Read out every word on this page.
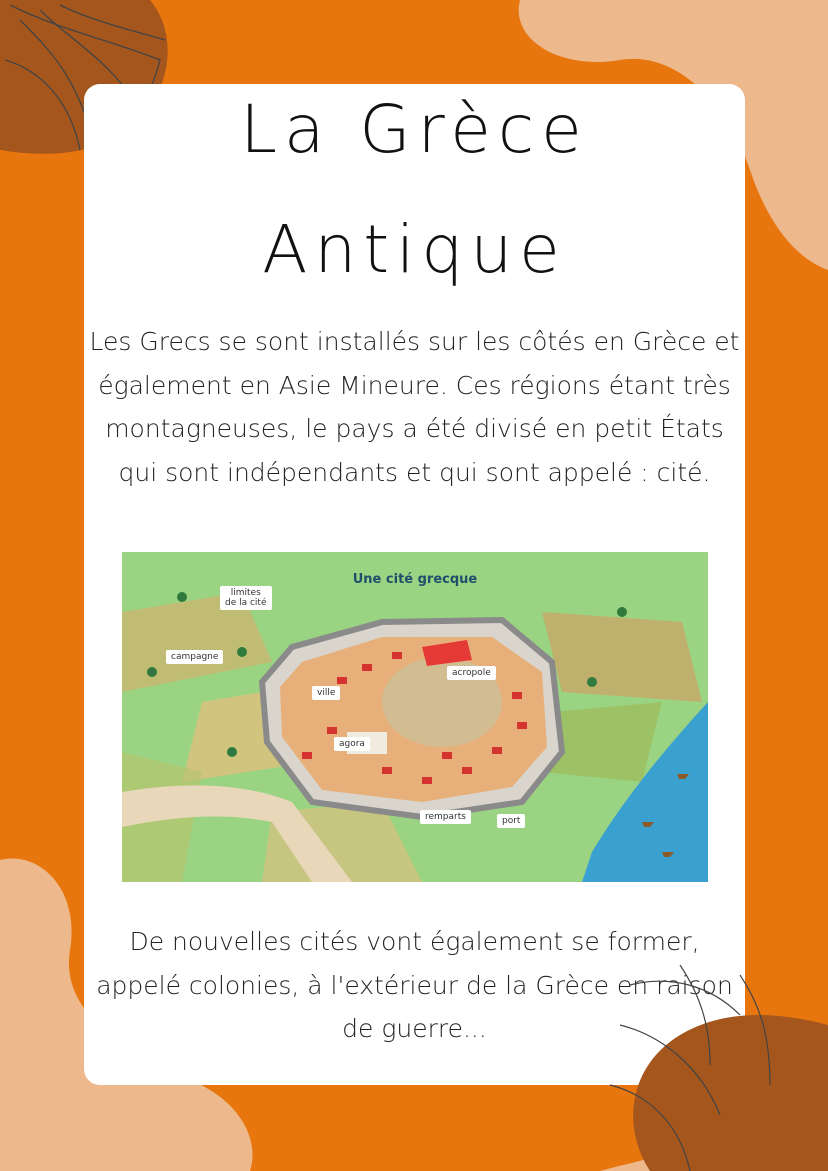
La Grèce
Antique
Les Grecs se sont installés sur les côtés en Grèce et également en Asie Mineure. Ces régions étant très montagneuses, le pays a été divisé en petit États qui sont indépendants et qui sont appelé : cité.
Une cité grecque
limites
de la cité
campagne
ville
acropole
agora
remparts	port
De nouvelles cités vont également se former, appelé colonies, à l'extérieur de la Grèce en raison de guerre...
